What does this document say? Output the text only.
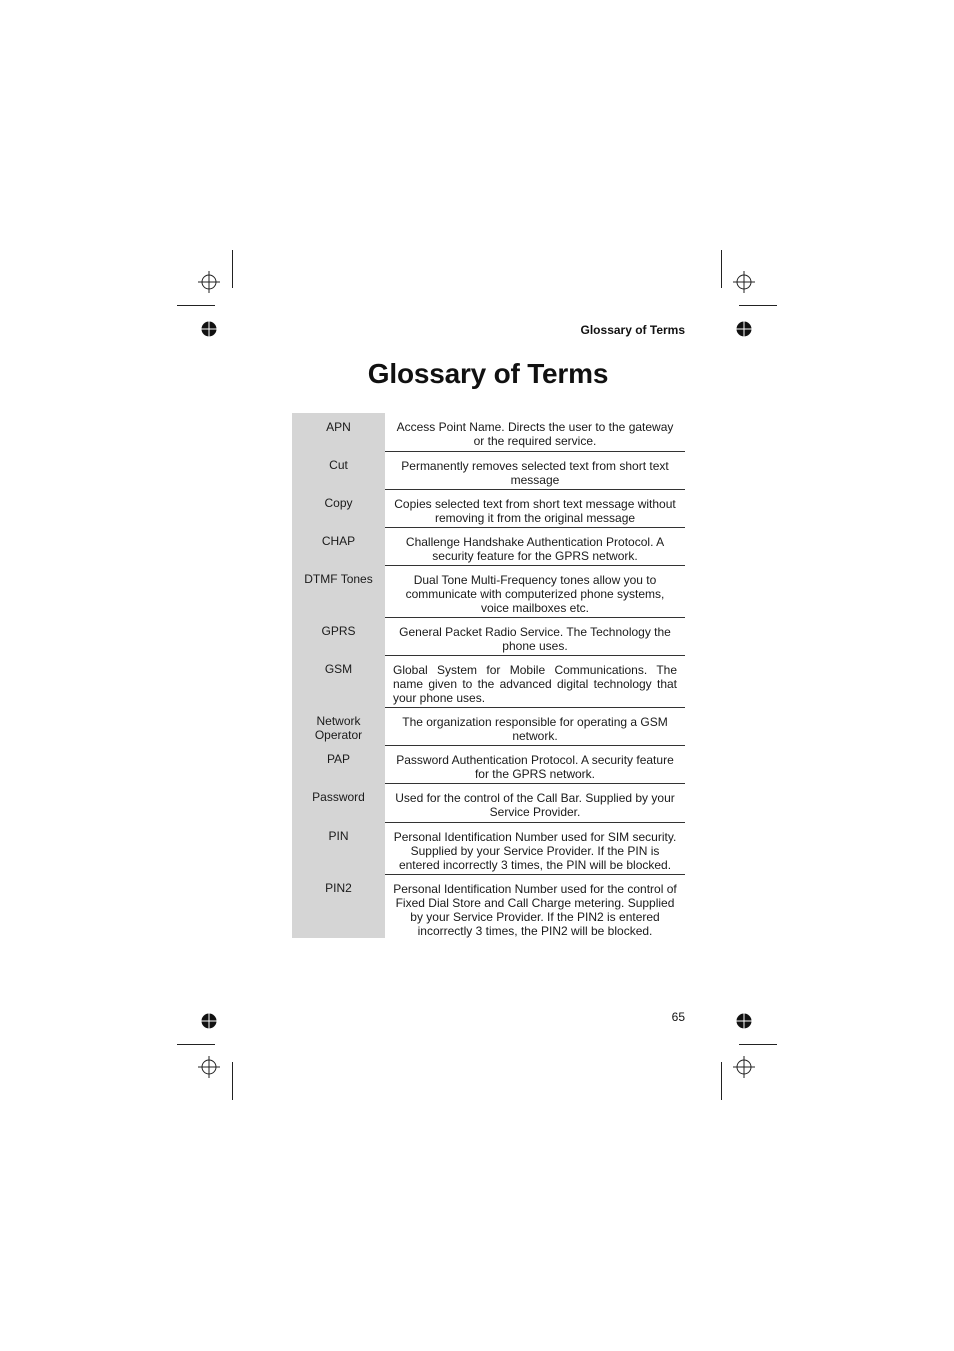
Glossary of Terms
Glossary of Terms
APN	Access Point Name. Directs the user to the gateway or the required service.
Cut	Permanently removes selected text from short text message
Copy	Copies selected text from short text message without removing it from the original message
CHAP	Challenge Handshake Authentication Protocol. A security feature for the GPRS network.
DTMF Tones	Dual Tone Multi-Frequency tones allow you to communicate with computerized phone systems, voice mailboxes etc.
GPRS	General Packet Radio Service. The Technology the phone uses.
GSM	Global System for Mobile Communications. The name given to the advanced digital technology that your phone uses.
Network Operator	The organization responsible for operating a GSM network.
PAP	Password Authentication Protocol. A security feature for the GPRS network.
Password	Used for the control of the Call Bar. Supplied by your Service Provider.
PIN	Personal Identification Number used for SIM security. Supplied by your Service Provider. If the PIN is entered incorrectly 3 times, the PIN will be blocked.
PIN2	Personal Identification Number used for the control of Fixed Dial Store and Call Charge metering. Supplied by your Service Provider. If the PIN2 is entered incorrectly 3 times, the PIN2 will be blocked.
65
